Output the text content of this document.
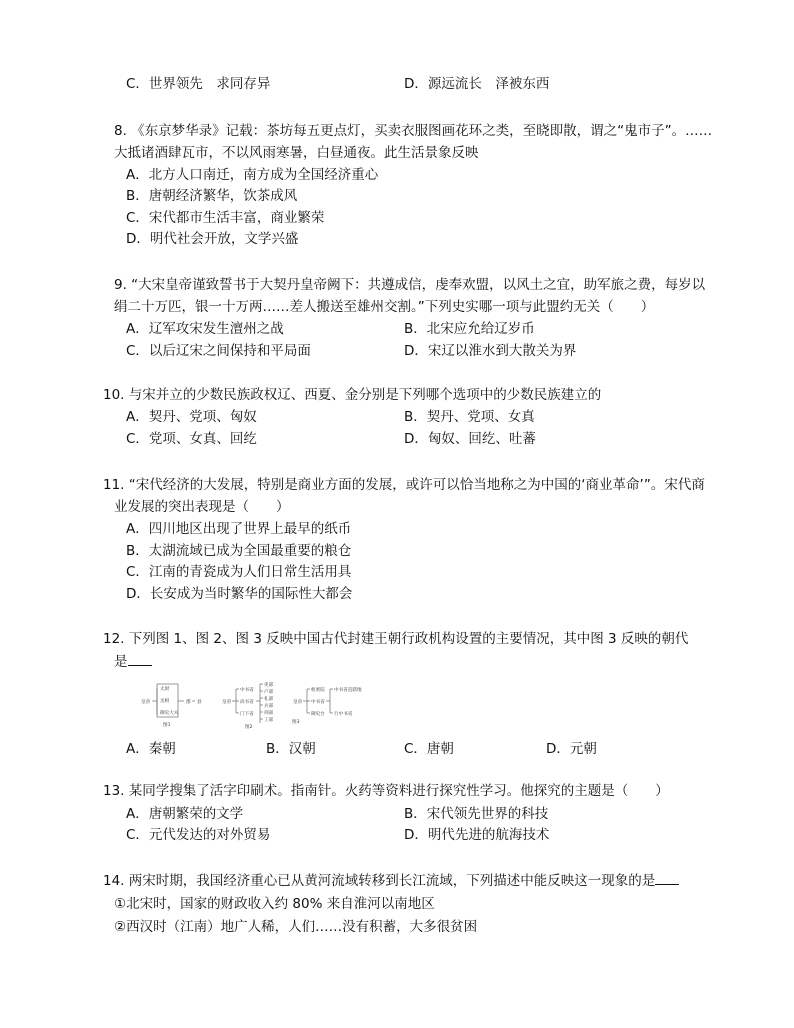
C．世界领先　求同存异	D．源远流长　泽被东西
8. 《东京梦华录》记载：茶坊每五更点灯，买卖衣服图画花环之类，至晓即散，谓之“鬼市子”。……
大抵诸酒肆瓦市，不以风雨寒暑，白昼通夜。此生活景象反映
A．北方人口南迁，南方成为全国经济重心
B．唐朝经济繁华，饮茶成风
C．宋代都市生活丰富，商业繁荣
D．明代社会开放，文学兴盛
9. “大宋皇帝谨致誓书于大契丹皇帝阙下：共遵成信，虔奉欢盟，以风土之宜，助军旅之费，每岁以
绢二十万匹，银一十万两……差人搬送至雄州交割。”下列史实哪一项与此盟约无关（　　）
A．辽军攻宋发生澶州之战	B．北宋应允给辽岁币
C．以后辽宋之间保持和平局面	D．宋辽以淮水到大散关为界
10. 与宋并立的少数民族政权辽、西夏、金分别是下列哪个选项中的少数民族建立的
A．契丹、党项、匈奴	B．契丹、党项、女真
C．党项、女真、回纥	D．匈奴、回纥、吐蕃
11. “宋代经济的大发展，特别是商业方面的发展，或许可以恰当地称之为中国的‘商业革命’”。宋代商
业发展的突出表现是（　　）
A．四川地区出现了世界上最早的纸币
B．太湖流域已成为全国最重要的粮仓
C．江南的青瓷成为人们日常生活用具
D．长安成为当时繁华的国际性大都会
12. 下列图 1、图 2、图 3 反映中国古代封建王朝行政机构设置的主要情况，其中图 3 反映的朝代
是
皇帝
太尉
丞相
御史大夫
郡 县
图1
皇帝
中书省
尚书省
门下省
吏部
户部
礼部
兵部
刑部
工部
图2
皇帝
枢密院
中书省
御史台
中书省直辖地
行中书省
图3
A．秦朝	B．汉朝	C．唐朝	D．元朝
13. 某同学搜集了活字印刷术。指南针。火药等资料进行探究性学习。他探究的主题是（　　）
A．唐朝繁荣的文学	B．宋代领先世界的科技
C．元代发达的对外贸易	D．明代先进的航海技术
14. 两宋时期，我国经济重心已从黄河流域转移到长江流域，下列描述中能反映这一现象的是
①北宋时，国家的财政收入约 80% 来自淮河以南地区
②西汉时（江南）地广人稀，人们……没有积蓄，大多很贫困
